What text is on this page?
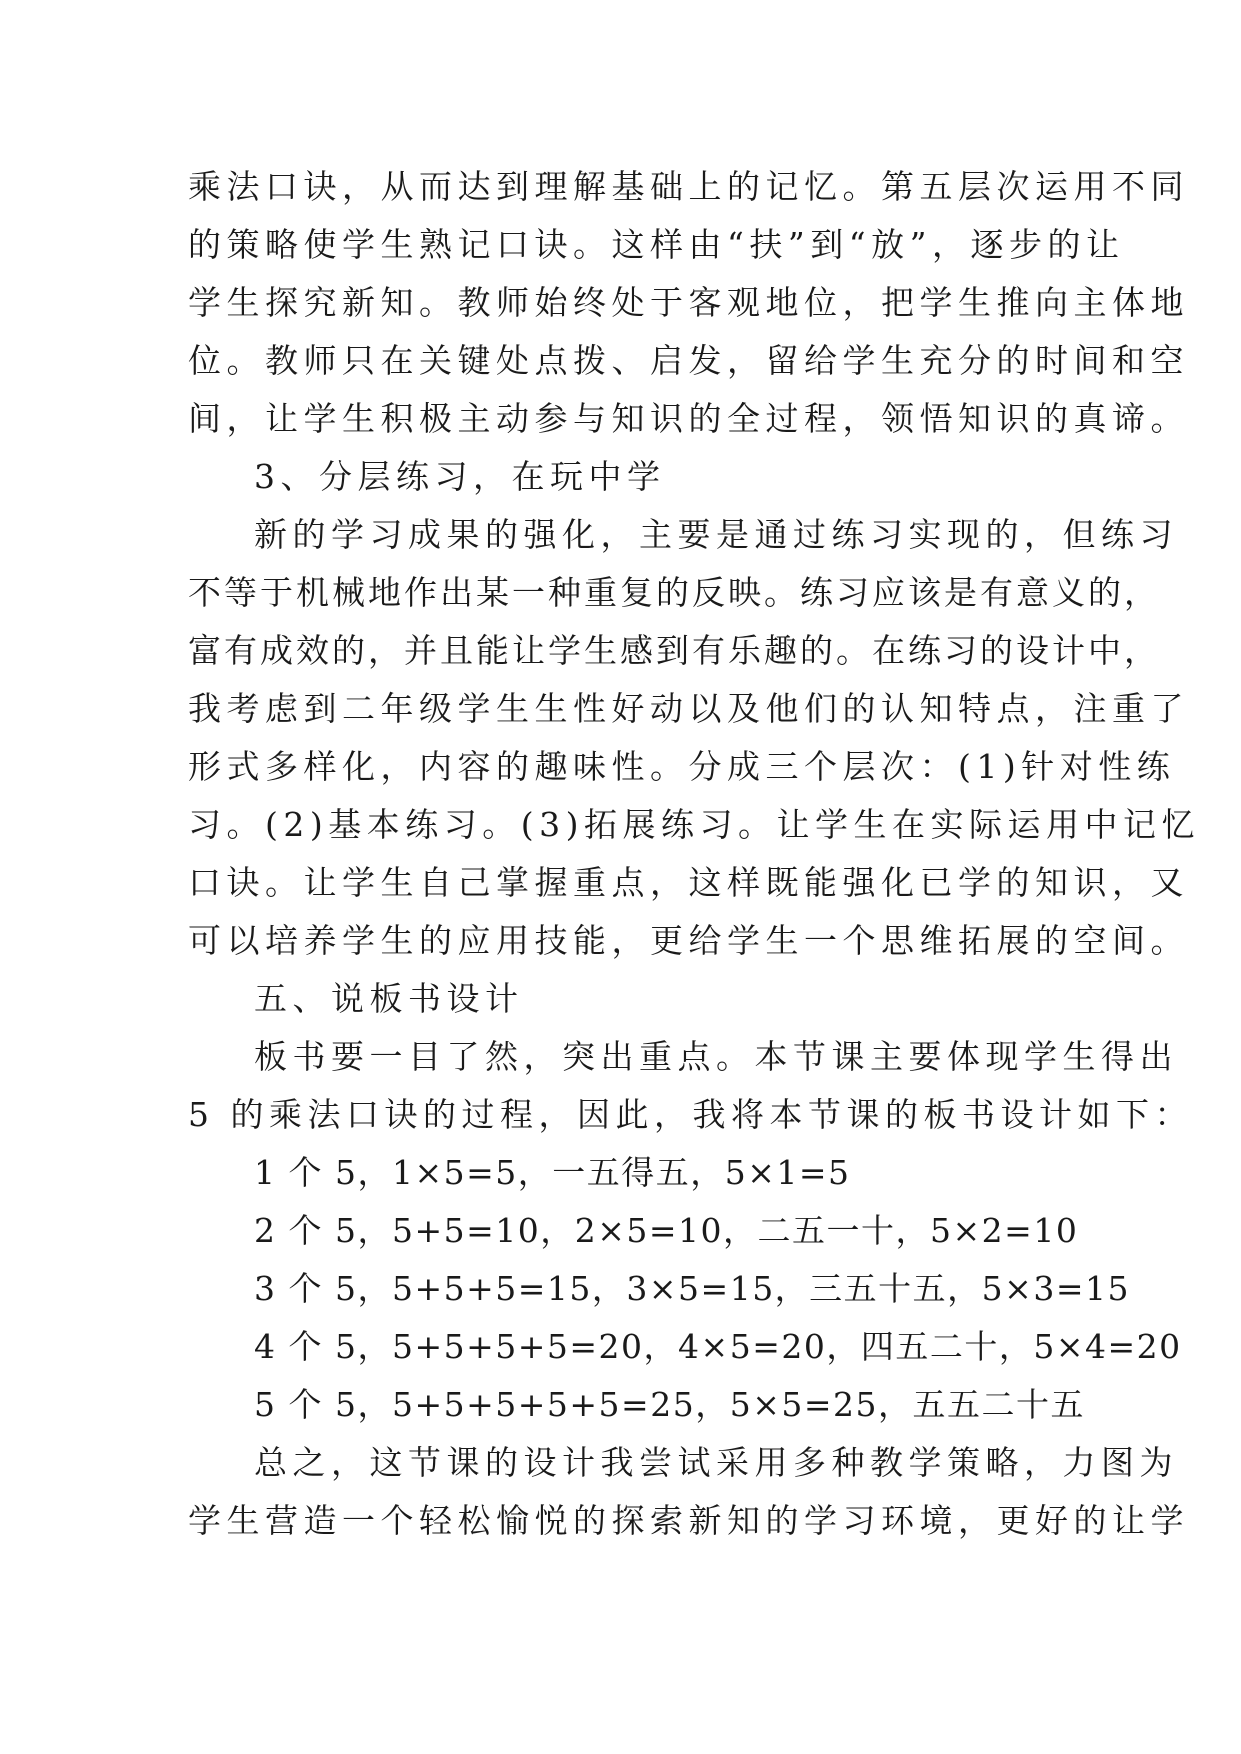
乘法口诀，从而达到理解基础上的记忆。第五层次运用不同
的策略使学生熟记口诀。这样由“扶”到“放”，逐步的让
学生探究新知。教师始终处于客观地位，把学生推向主体地
位。教师只在关键处点拨、启发，留给学生充分的时间和空
间，让学生积极主动参与知识的全过程，领悟知识的真谛。
3、分层练习，在玩中学
新的学习成果的强化，主要是通过练习实现的，但练习
不等于机械地作出某一种重复的反映。练习应该是有意义的，
富有成效的，并且能让学生感到有乐趣的。在练习的设计中，
我考虑到二年级学生生性好动以及他们的认知特点，注重了
形式多样化，内容的趣味性。分成三个层次：(1)针对性练
习。(2)基本练习。(3)拓展练习。让学生在实际运用中记忆
口诀。让学生自己掌握重点，这样既能强化已学的知识，又
可以培养学生的应用技能，更给学生一个思维拓展的空间。
五、说板书设计
板书要一目了然，突出重点。本节课主要体现学生得出
5 的乘法口诀的过程，因此，我将本节课的板书设计如下：
1 个 5，1×5=5，一五得五，5×1=5
2 个 5，5+5=10，2×5=10，二五一十，5×2=10
3 个 5，5+5+5=15，3×5=15，三五十五，5×3=15
4 个 5，5+5+5+5=20，4×5=20，四五二十，5×4=20
5 个 5，5+5+5+5+5=25，5×5=25，五五二十五
总之，这节课的设计我尝试采用多种教学策略，力图为
学生营造一个轻松愉悦的探索新知的学习环境，更好的让学
